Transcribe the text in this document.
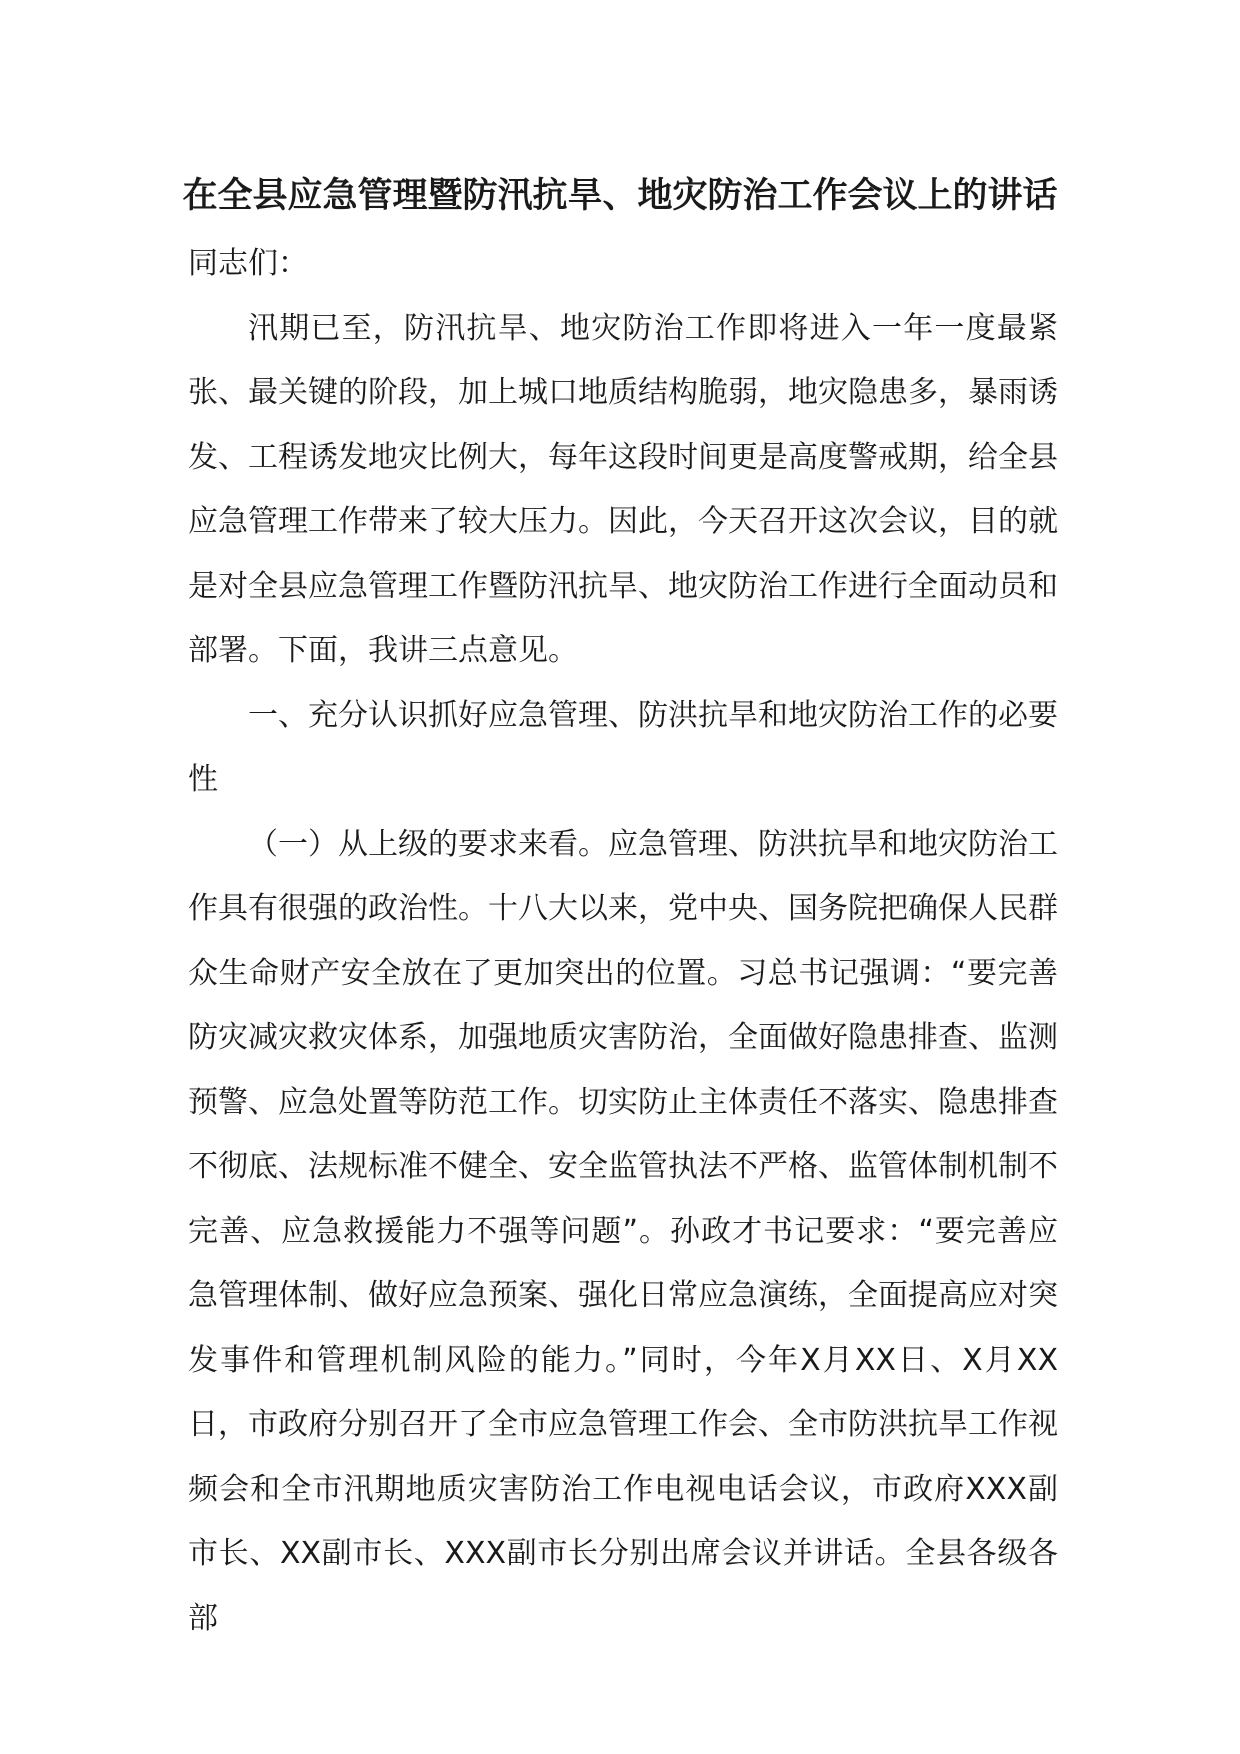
在全县应急管理暨防汛抗旱、地灾防治工作会议上的讲话

同志们：

汛期已至，防汛抗旱、地灾防治工作即将进入一年一度最紧张、最关键的阶段，加上城口地质结构脆弱，地灾隐患多，暴雨诱发、工程诱发地灾比例大，每年这段时间更是高度警戒期，给全县应急管理工作带来了较大压力。因此，今天召开这次会议，目的就是对全县应急管理工作暨防汛抗旱、地灾防治工作进行全面动员和部署。下面，我讲三点意见。

一、充分认识抓好应急管理、防洪抗旱和地灾防治工作的必要性

（一）从上级的要求来看。应急管理、防洪抗旱和地灾防治工作具有很强的政治性。十八大以来，党中央、国务院把确保人民群众生命财产安全放在了更加突出的位置。习总书记强调：“要完善防灾减灾救灾体系，加强地质灾害防治，全面做好隐患排查、监测预警、应急处置等防范工作。切实防止主体责任不落实、隐患排查不彻底、法规标准不健全、安全监管执法不严格、监管体制机制不完善、应急救援能力不强等问题”。孙政才书记要求：“要完善应急管理体制、做好应急预案、强化日常应急演练，全面提高应对突发事件和管理机制风险的能力。”同时，今年X月XX日、X月XX日，市政府分别召开了全市应急管理工作会、全市防洪抗旱工作视频会和全市汛期地质灾害防治工作电视电话会议，市政府XXX副市长、XX副市长、XXX副市长分别出席会议并讲话。全县各级各部
